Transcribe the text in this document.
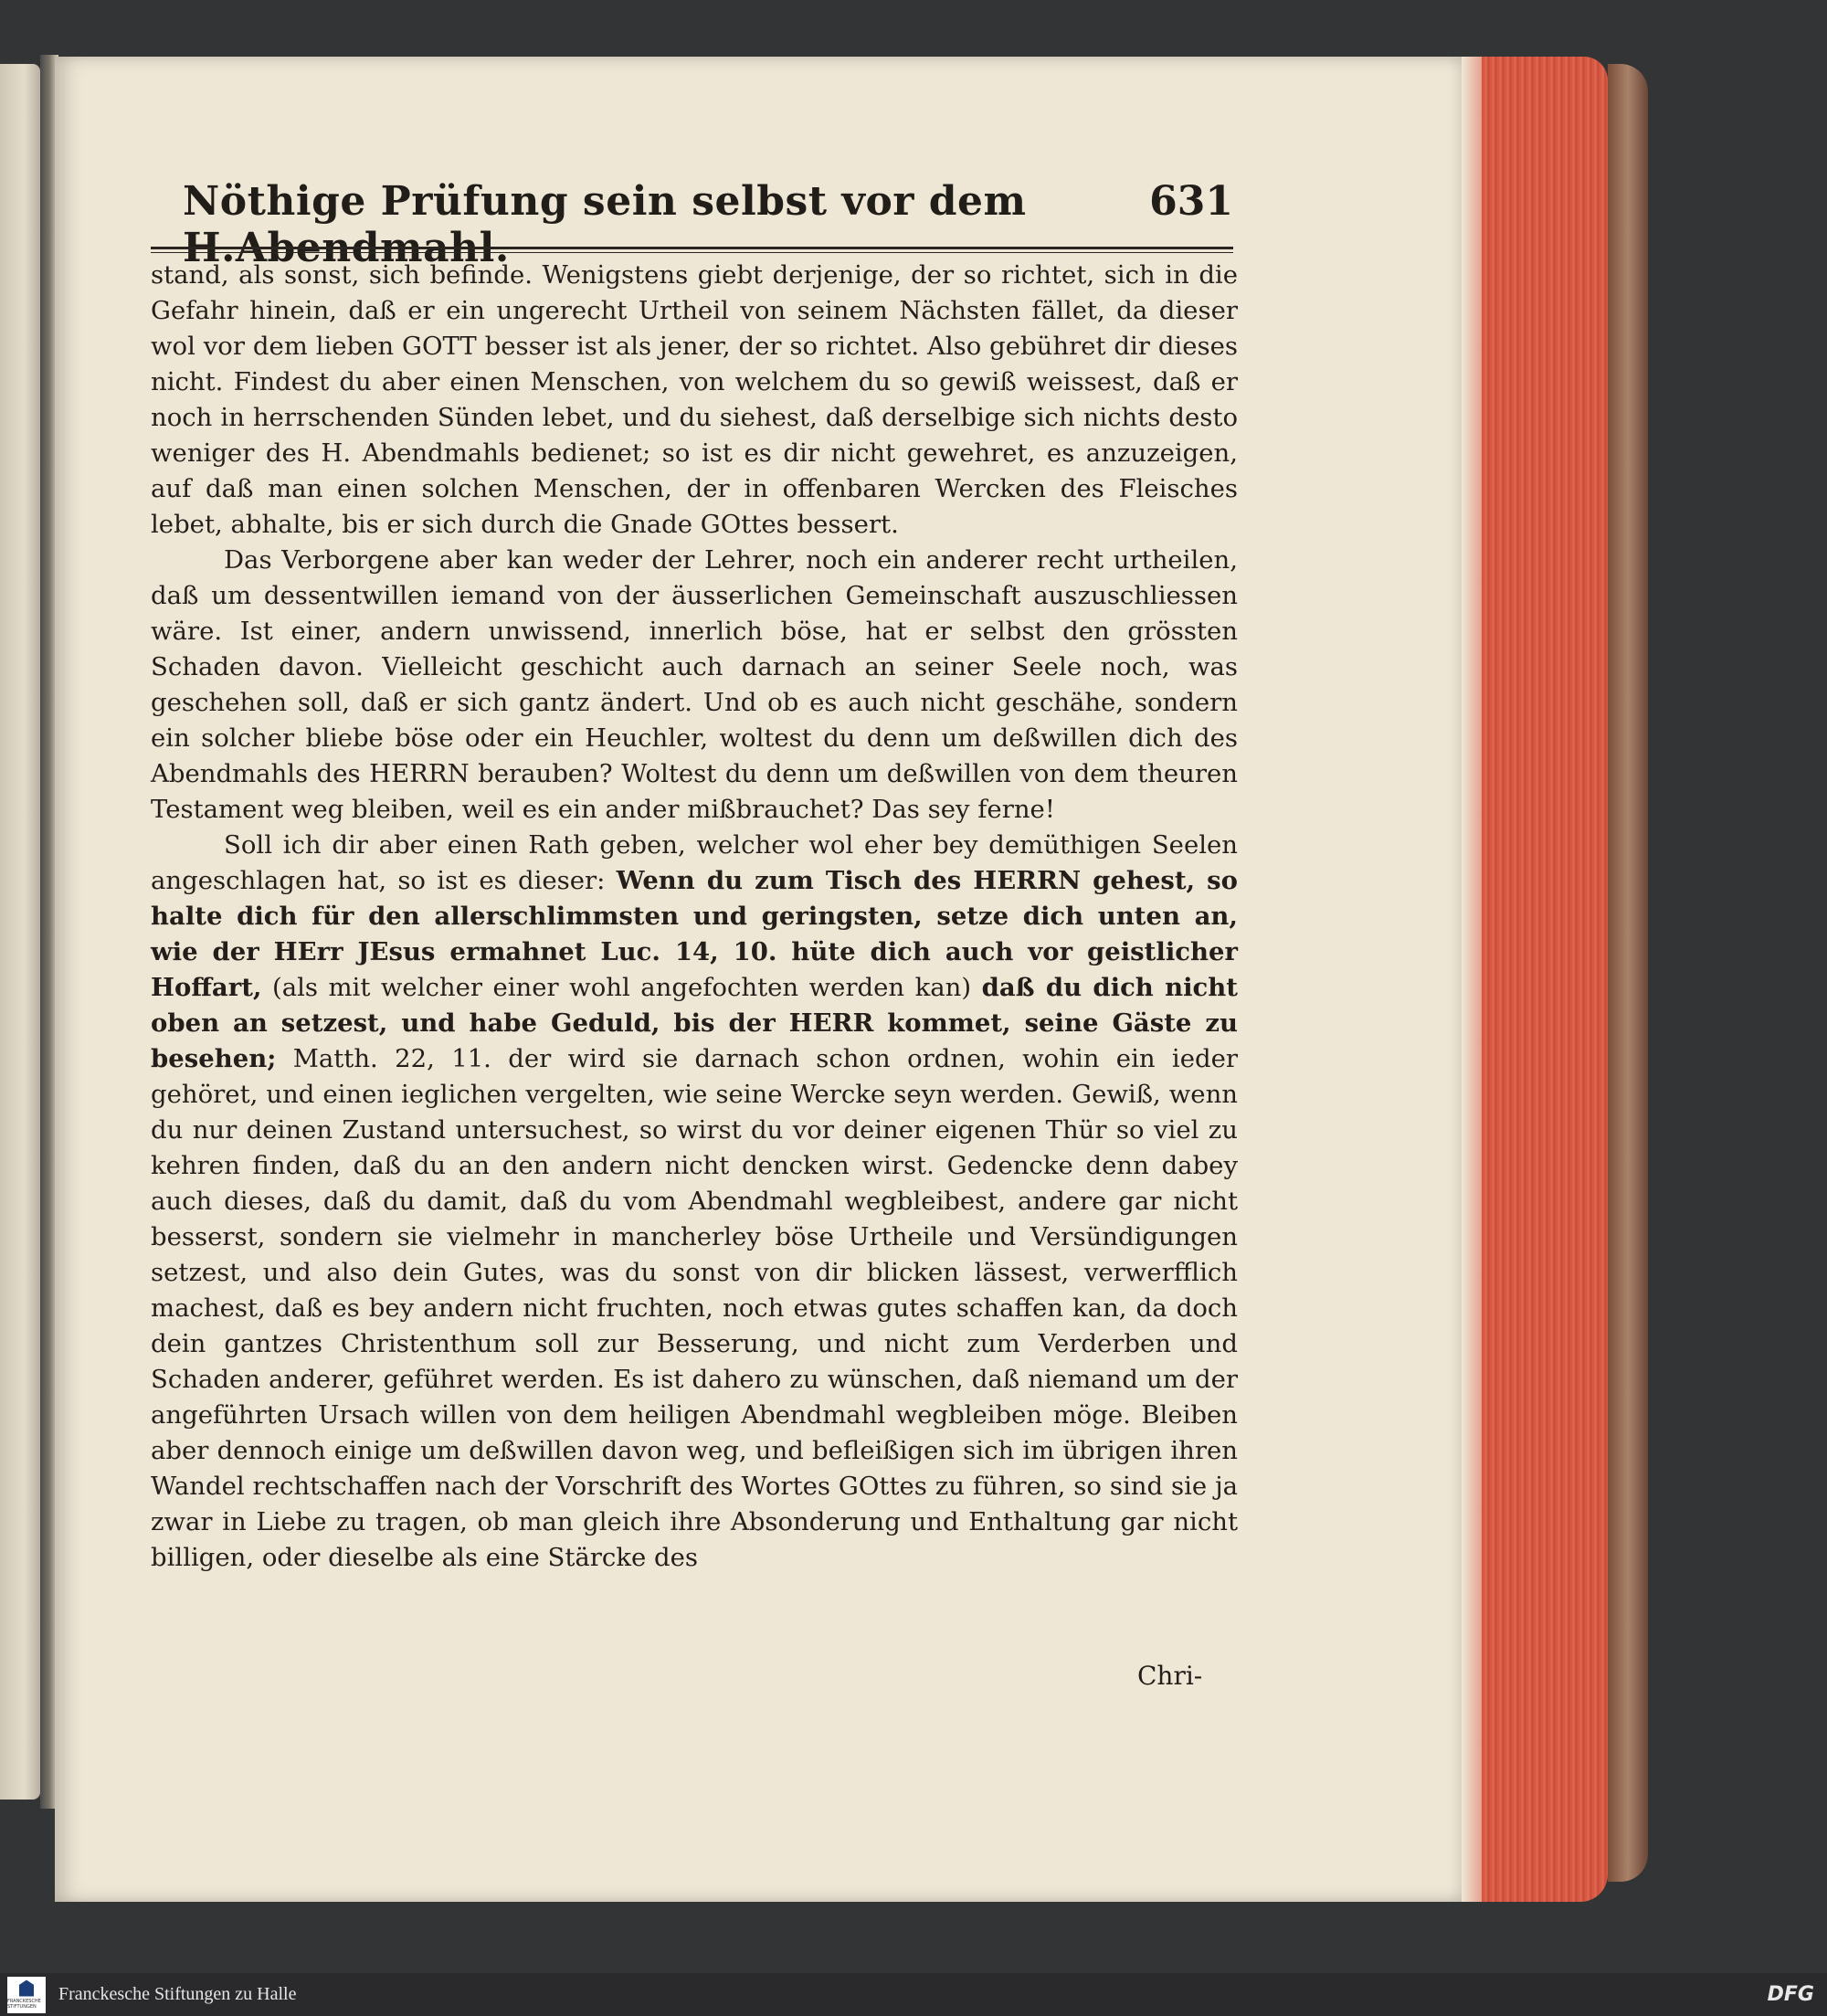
Nöthige Prüfung sein selbst vor dem H.Abendmahl.
631

stand, als sonst, sich befinde. Wenigstens giebt derjenige, der so richtet, sich in die Gefahr hinein, daß er ein ungerecht Urtheil von seinem Nächsten fället, da dieser wol vor dem lieben GOTT besser ist als jener, der so richtet. Also gebühret dir dieses nicht. Findest du aber einen Menschen, von welchem du so gewiß weissest, daß er noch in herrschenden Sünden lebet, und du siehest, daß derselbige sich nichts desto weniger des H. Abendmahls bedienet; so ist es dir nicht gewehret, es anzuzeigen, auf daß man einen solchen Menschen, der in offenbaren Wercken des Fleisches lebet, abhalte, bis er sich durch die Gnade GOttes bessert.

Das Verborgene aber kan weder der Lehrer, noch ein anderer recht urtheilen, daß um dessentwillen iemand von der äusserlichen Gemeinschaft auszuschliessen wäre. Ist einer, andern unwissend, innerlich böse, hat er selbst den grössten Schaden davon. Vielleicht geschicht auch darnach an seiner Seele noch, was geschehen soll, daß er sich gantz ändert. Und ob es auch nicht geschähe, sondern ein solcher bliebe böse oder ein Heuchler, woltest du denn um deßwillen dich des Abendmahls des HERRN berauben? Woltest du denn um deßwillen von dem theuren Testament weg bleiben, weil es ein ander mißbrauchet? Das sey ferne!

Soll ich dir aber einen Rath geben, welcher wol eher bey demüthigen Seelen angeschlagen hat, so ist es dieser: Wenn du zum Tisch des HERRN gehest, so halte dich für den allerschlimmsten und geringsten, setze dich unten an, wie der HErr JEsus ermahnet Luc. 14, 10. hüte dich auch vor geistlicher Hoffart, (als mit welcher einer wohl angefochten werden kan) daß du dich nicht oben an setzest, und habe Geduld, bis der HERR kommet, seine Gäste zu besehen; Matth. 22, 11. der wird sie darnach schon ordnen, wohin ein ieder gehöret, und einen ieglichen vergelten, wie seine Wercke seyn werden. Gewiß, wenn du nur deinen Zustand untersuchest, so wirst du vor deiner eigenen Thür so viel zu kehren finden, daß du an den andern nicht dencken wirst. Gedencke denn dabey auch dieses, daß du damit, daß du vom Abendmahl wegbleibest, andere gar nicht besserst, sondern sie vielmehr in mancherley böse Urtheile und Versündigungen setzest, und also dein Gutes, was du sonst von dir blicken lässest, verwerfflich machest, daß es bey andern nicht fruchten, noch etwas gutes schaffen kan, da doch dein gantzes Christenthum soll zur Besserung, und nicht zum Verderben und Schaden anderer, geführet werden. Es ist dahero zu wünschen, daß niemand um der angeführten Ursach willen von dem heiligen Abendmahl wegbleiben möge. Bleiben aber dennoch einige um deßwillen davon weg, und befleißigen sich im übrigen ihren Wandel rechtschaffen nach der Vorschrift des Wortes GOttes zu führen, so sind sie ja zwar in Liebe zu tragen, ob man gleich ihre Absonderung und Enthaltung gar nicht billigen, oder dieselbe als eine Stärcke des

Chri-
FRANCKESCHE STIFTUNGEN
Franckesche Stiftungen zu Halle	DFG
